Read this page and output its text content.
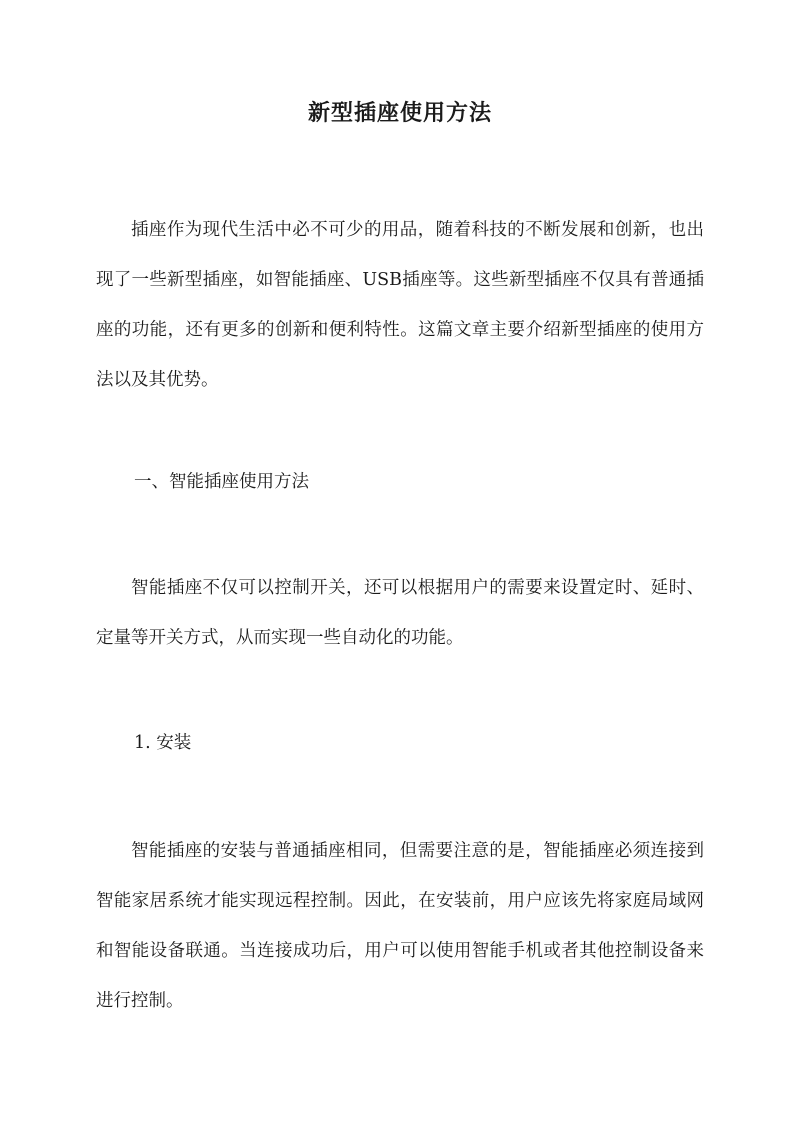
新型插座使用方法

插座作为现代生活中必不可少的用品，随着科技的不断发展和创新，也出现了一些新型插座，如智能插座、USB插座等。这些新型插座不仅具有普通插座的功能，还有更多的创新和便利特性。这篇文章主要介绍新型插座的使用方法以及其优势。

一、智能插座使用方法

智能插座不仅可以控制开关，还可以根据用户的需要来设置定时、延时、定量等开关方式，从而实现一些自动化的功能。

1. 安装

智能插座的安装与普通插座相同，但需要注意的是，智能插座必须连接到智能家居系统才能实现远程控制。因此，在安装前，用户应该先将家庭局域网和智能设备联通。当连接成功后，用户可以使用智能手机或者其他控制设备来进行控制。
